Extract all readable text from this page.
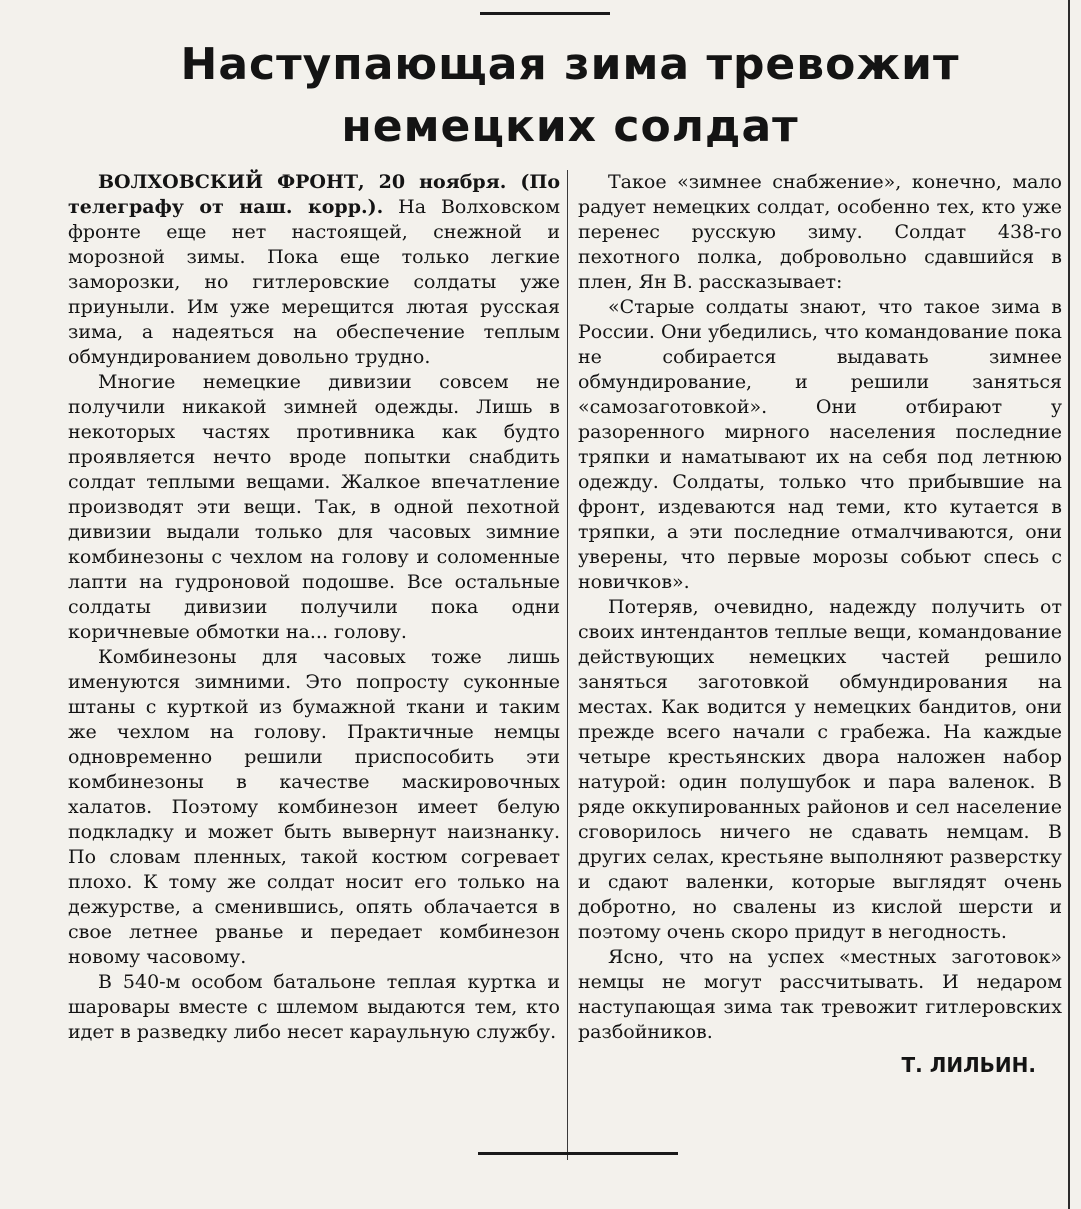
Наступающая зима тревожит
немецких солдат

ВОЛХОВСКИЙ ФРОНТ, 20 ноября. (По телеграфу от наш. корр.). На Волховском фронте еще нет настоящей, снежной и морозной зимы. Пока еще только легкие заморозки, но гитлеровские солдаты уже приуныли. Им уже мерещится лютая русская зима, а надеяться на обеспечение теплым обмундированием довольно трудно.

Многие немецкие дивизии совсем не получили никакой зимней одежды. Лишь в некоторых частях противника как будто проявляется нечто вроде попытки снабдить солдат теплыми вещами. Жалкое впечатление производят эти вещи. Так, в одной пехотной дивизии выдали только для часовых зимние комбинезоны с чехлом на голову и соломенные лапти на гудроновой подошве. Все остальные солдаты дивизии получили пока одни коричневые обмотки на... голову.

Комбинезоны для часовых тоже лишь именуются зимними. Это попросту суконные штаны с курткой из бумажной ткани и таким же чехлом на голову. Практичные немцы одновременно решили приспособить эти комбинезоны в качестве маскировочных халатов. Поэтому комбинезон имеет белую подкладку и может быть вывернут наизнанку. По словам пленных, такой костюм согревает плохо. К тому же солдат носит его только на дежурстве, а сменившись, опять облачается в свое летнее рванье и передает комбинезон новому часовому.

В 540-м особом батальоне теплая куртка и шаровары вместе с шлемом выдаются тем, кто идет в разведку либо несет караульную службу.

Такое «зимнее снабжение», конечно, мало радует немецких солдат, особенно тех, кто уже перенес русскую зиму. Солдат 438-го пехотного полка, добровольно сдавшийся в плен, Ян В. рассказывает:

«Старые солдаты знают, что такое зима в России. Они убедились, что командование пока не собирается выдавать зимнее обмундирование, и решили заняться «самозаготовкой». Они отбирают у разоренного мирного населения последние тряпки и наматывают их на себя под летнюю одежду. Солдаты, только что прибывшие на фронт, издеваются над теми, кто кутается в тряпки, а эти последние отмалчиваются, они уверены, что первые морозы собьют спесь с новичков».

Потеряв, очевидно, надежду получить от своих интендантов теплые вещи, командование действующих немецких частей решило заняться заготовкой обмундирования на местах. Как водится у немецких бандитов, они прежде всего начали с грабежа. На каждые четыре крестьянских двора наложен набор натурой: один полушубок и пара валенок. В ряде оккупированных районов и сел население сговорилось ничего не сдавать немцам. В других селах, крестьяне выполняют разверстку и сдают валенки, которые выглядят очень добротно, но свалены из кислой шерсти и поэтому очень скоро придут в негодность.

Ясно, что на успех «местных заготовок» немцы не могут рассчитывать. И недаром наступающая зима так тревожит гитлеровских разбойников.

Т. ЛИЛЬИН.
